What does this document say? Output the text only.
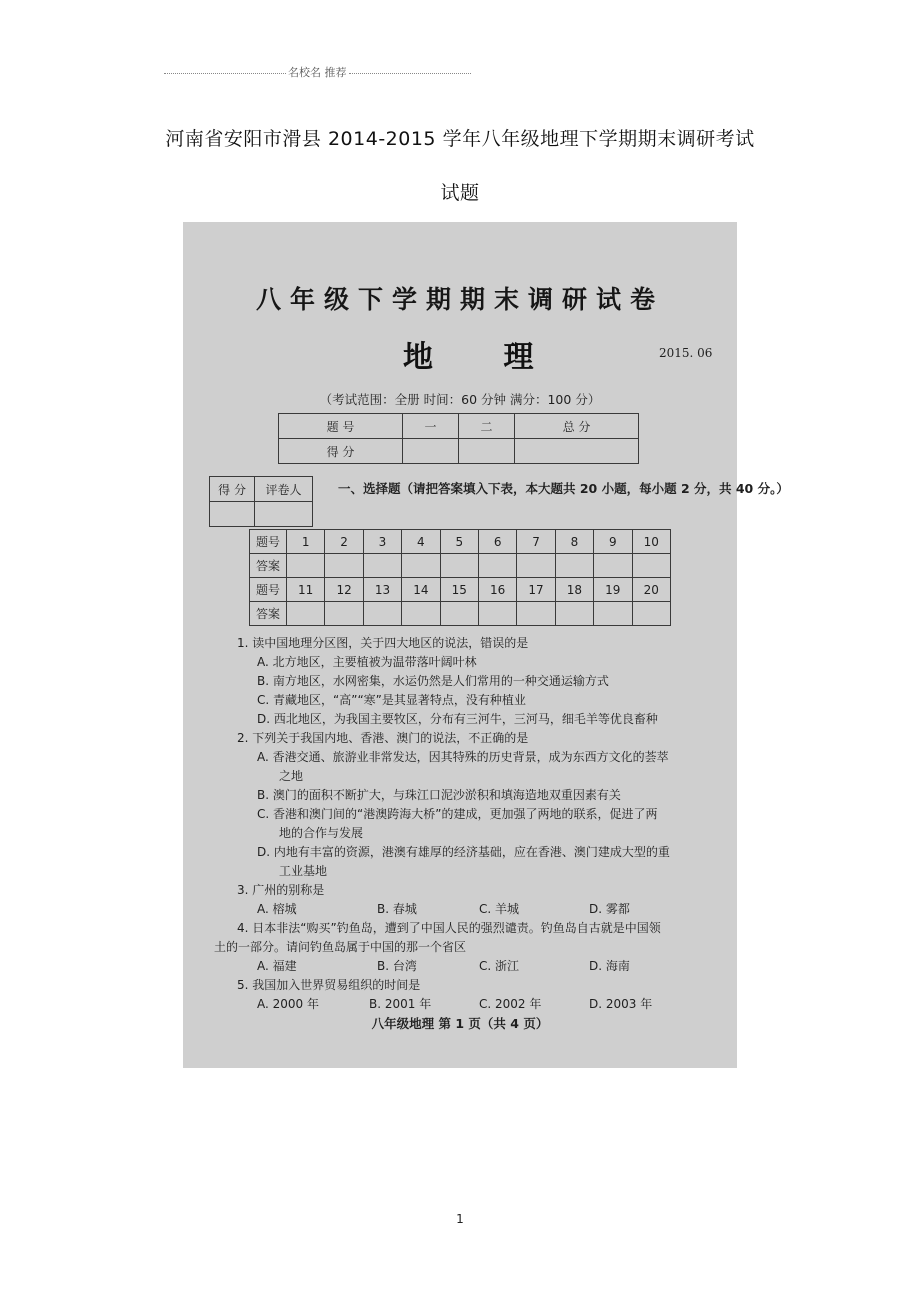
名校名 推荐
河南省安阳市滑县 2014-2015 学年八年级地理下学期期末调研考试
试题
八年级下学期期末调研试卷
地 理	2015. 06
（考试范围：全册 时间：60 分钟 满分：100 分）
题 号	一	二	总 分
得 分			
得 分	评卷人
		一、选择题（请把答案填入下表，本大题共 20 小题，每小题 2 分，共 40 分。）
题号	1	2	3	4	5	6	7	8	9	10
答案										
题号	11	12	13	14	15	16	17	18	19	20
答案										
1. 读中国地理分区图，关于四大地区的说法，错误的是
A. 北方地区，主要植被为温带落叶阔叶林
B. 南方地区，水网密集，水运仍然是人们常用的一种交通运输方式
C. 青藏地区，“高”“寒”是其显著特点，没有种植业
D. 西北地区，为我国主要牧区，分布有三河牛，三河马，细毛羊等优良畜种
2. 下列关于我国内地、香港、澳门的说法，不正确的是
A. 香港交通、旅游业非常发达，因其特殊的历史背景，成为东西方文化的荟萃
之地
B. 澳门的面积不断扩大，与珠江口泥沙淤积和填海造地双重因素有关
C. 香港和澳门间的“港澳跨海大桥”的建成，更加强了两地的联系，促进了两
地的合作与发展
D. 内地有丰富的资源，港澳有雄厚的经济基础，应在香港、澳门建成大型的重
工业基地
3. 广州的别称是
A. 榕城	B. 春城	C. 羊城	D. 雾都
4. 日本非法“购买”钓鱼岛，遭到了中国人民的强烈谴责。钓鱼岛自古就是中国领
土的一部分。请问钓鱼岛属于中国的那一个省区
A. 福建	B. 台湾	C. 浙江	D. 海南
5. 我国加入世界贸易组织的时间是
A. 2000 年	B. 2001 年	C. 2002 年	D. 2003 年
八年级地理 第 1 页（共 4 页）
1
